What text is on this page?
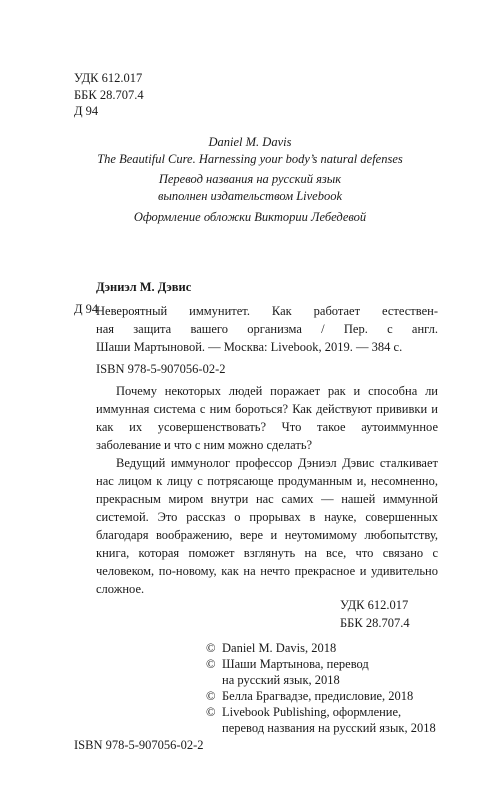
УДК 612.017
ББК 28.707.4
Д 94
Daniel M. Davis
The Beautiful Cure. Harnessing your body’s natural defenses
Перевод названия на русский язык
выполнен издательством Livebook
Оформление обложки Виктории Лебедевой
Дэниэл М. Дэвис
Д 94
Невероятный иммунитет. Как работает естествен-
ная защита вашего организма / Пер. с англ.
Шаши Мартыновой. — Москва: Livebook, 2019. — 384 с.
ISBN 978-5-907056-02-2

Почему некоторых людей поражает рак и способна ли иммунная система с ним бороться? Как действуют прививки и как их усовершенствовать? Что такое аутоиммунное заболевание и что с ним можно сделать?

Ведущий иммунолог профессор Дэниэл Дэвис сталкивает нас лицом к лицу с потрясающе продуманным и, несомненно, прекрасным миром внутри нас самих — нашей иммунной системой. Это рассказ о прорывах в науке, совершенных благодаря воображению, вере и неутомимому любопытству, книга, которая поможет взглянуть на все, что связано с человеком, по-новому, как на нечто прекрасное и удивительно сложное.

УДК 612.017
ББК 28.707.4
© Daniel M. Davis, 2018
© Шаши Мартынова, перевод
на русский язык, 2018
© Белла Брагвадзе, предисловие, 2018
© Livebook Publishing, оформление,
перевод названия на русский язык, 2018
ISBN 978-5-907056-02-2
